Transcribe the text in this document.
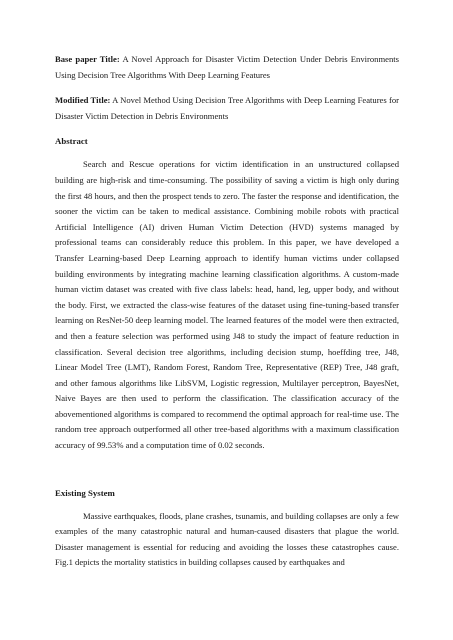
Base paper Title: A Novel Approach for Disaster Victim Detection Under Debris Environments Using Decision Tree Algorithms With Deep Learning Features

Modified Title: A Novel Method Using Decision Tree Algorithms with Deep Learning Features for Disaster Victim Detection in Debris Environments

Abstract

Search and Rescue operations for victim identification in an unstructured collapsed building are high-risk and time-consuming. The possibility of saving a victim is high only during the first 48 hours, and then the prospect tends to zero. The faster the response and identification, the sooner the victim can be taken to medical assistance. Combining mobile robots with practical Artificial Intelligence (AI) driven Human Victim Detection (HVD) systems managed by professional teams can considerably reduce this problem. In this paper, we have developed a Transfer Learning-based Deep Learning approach to identify human victims under collapsed building environments by integrating machine learning classification algorithms. A custom-made human victim dataset was created with five class labels: head, hand, leg, upper body, and without the body. First, we extracted the class-wise features of the dataset using fine-tuning-based transfer learning on ResNet-50 deep learning model. The learned features of the model were then extracted, and then a feature selection was performed using J48 to study the impact of feature reduction in classification. Several decision tree algorithms, including decision stump, hoeffding tree, J48, Linear Model Tree (LMT), Random Forest, Random Tree, Representative (REP) Tree, J48 graft, and other famous algorithms like LibSVM, Logistic regression, Multilayer perceptron, BayesNet, Naive Bayes are then used to perform the classification. The classification accuracy of the abovementioned algorithms is compared to recommend the optimal approach for real-time use. The random tree approach outperformed all other tree-based algorithms with a maximum classification accuracy of 99.53% and a computation time of 0.02 seconds.

Existing System

Massive earthquakes, floods, plane crashes, tsunamis, and building collapses are only a few examples of the many catastrophic natural and human-caused disasters that plague the world. Disaster management is essential for reducing and avoiding the losses these catastrophes cause. Fig.1 depicts the mortality statistics in building collapses caused by earthquakes and
